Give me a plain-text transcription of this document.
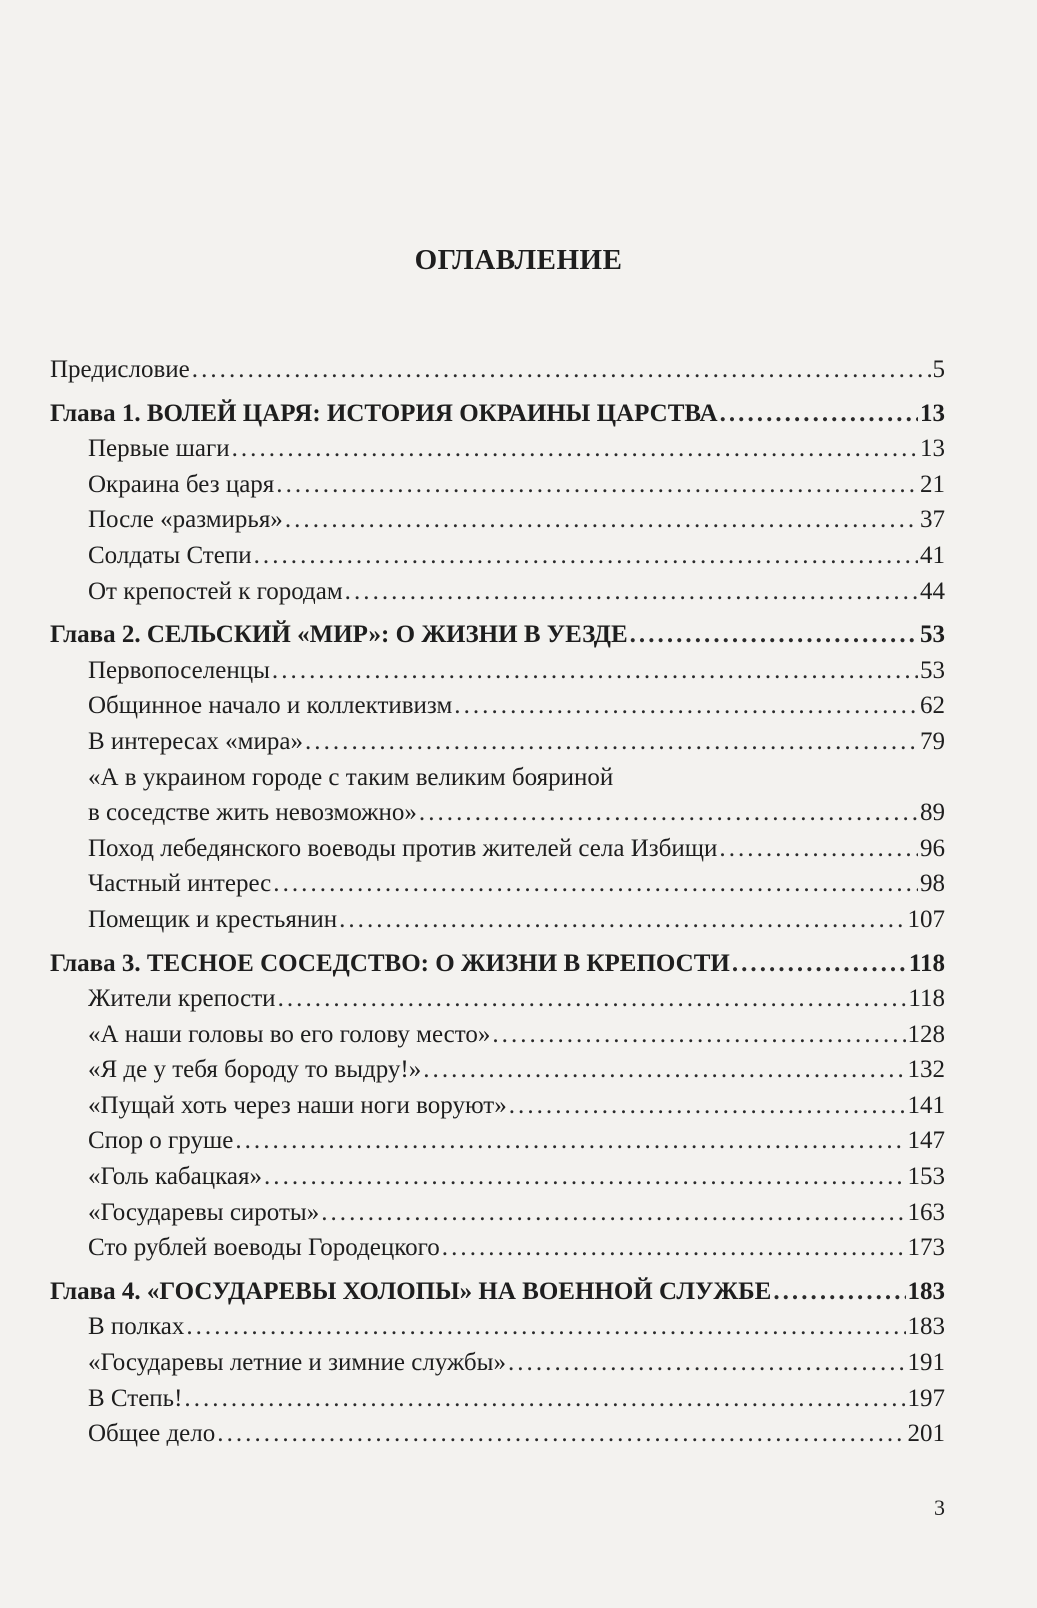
ОГЛАВЛЕНИЕ
Предисловие . . .	5
Глава 1. ВОЛЕЙ ЦАРЯ: ИСТОРИЯ ОКРАИНЫ ЦАРСТВА . . .	13
Первые шаги . . .	13
Окраина без царя . . .	21
После «размирья» . . .	37
Солдаты Степи . . .	41
От крепостей к городам . . .	44
Глава 2. СЕЛЬСКИЙ «МИР»: О ЖИЗНИ В УЕЗДЕ . . .	53
Первопоселенцы . . .	53
Общинное начало и коллективизм . . .	62
В интересах «мира» . . .	79
«А в украином городе с таким великим бояриной
в соседстве жить невозможно» . . .	89
Поход лебедянского воеводы против жителей села Избищи . . .	96
Частный интерес . . .	98
Помещик и крестьянин . . .	107
Глава 3. ТЕСНОЕ СОСЕДСТВО: О ЖИЗНИ В КРЕПОСТИ . . .	118
Жители крепости . . .	118
«А наши головы во его голову место» . . .	128
«Я де у тебя бороду то выдру!» . . .	132
«Пущай хоть через наши ноги воруют» . . .	141
Спор о груше . . .	147
«Голь кабацкая» . . .	153
«Государевы сироты» . . .	163
Сто рублей воеводы Городецкого . . .	173
Глава 4. «ГОСУДАРЕВЫ ХОЛОПЫ» НА ВОЕННОЙ СЛУЖБЕ . . .	183
В полках . . .	183
«Государевы летние и зимние службы» . . .	191
В Степь! . . .	197
Общее дело . . .	201
3
